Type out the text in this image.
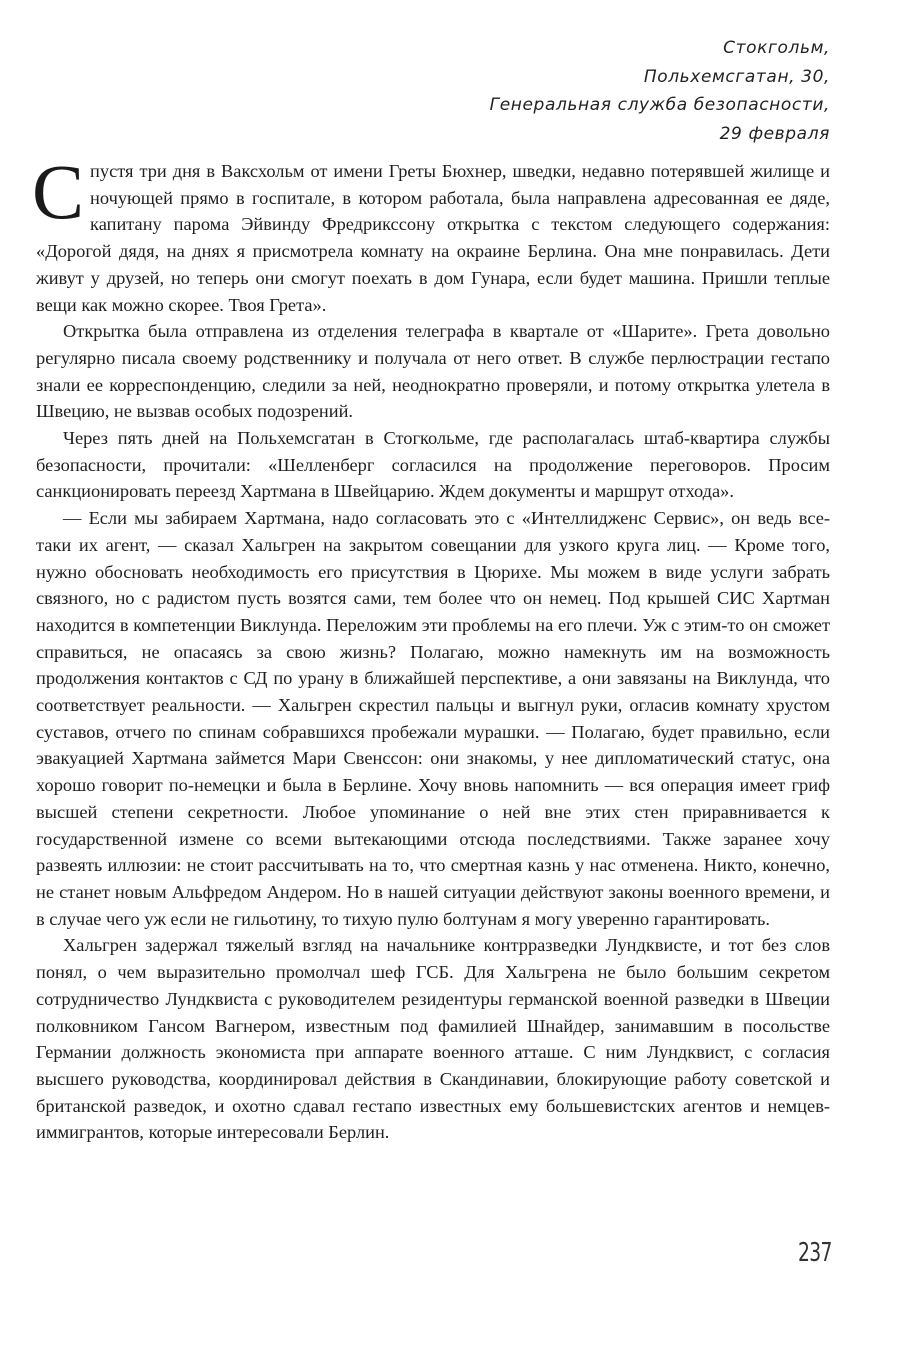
Стокгольм,
Польхемсгатан, 30,
Генеральная служба безопасности,
29 февраля

Спустя три дня в Ваксхольм от имени Греты Бюхнер, шведки, недавно потерявшей жилище и ночующей прямо в госпитале, в котором работала, была направлена адресованная ее дяде, капитану парома Эйвинду Фредрикссону открытка с текстом следующего содержания: «Дорогой дядя, на днях я присмотрела комнату на окраине Берлина. Она мне понравилась. Дети живут у друзей, но теперь они смогут поехать в дом Гунара, если будет машина. Пришли теплые вещи как можно скорее. Твоя Грета».

Открытка была отправлена из отделения телеграфа в квартале от «Шарите». Грета довольно регулярно писала своему родственнику и получала от него ответ. В службе перлюстрации гестапо знали ее корреспонденцию, следили за ней, неоднократно проверяли, и потому открытка улетела в Швецию, не вызвав особых подозрений.

Через пять дней на Польхемсгатан в Стогкольме, где располагалась штаб-квартира службы безопасности, прочитали: «Шелленберг согласился на продолжение переговоров. Просим санкционировать переезд Хартмана в Швейцарию. Ждем документы и маршрут отхода».

— Если мы забираем Хартмана, надо согласовать это с «Интеллидженс Сервис», он ведь все-таки их агент, — сказал Хальгрен на закрытом совещании для узкого круга лиц. — Кроме того, нужно обосновать необходимость его присутствия в Цюрихе. Мы можем в виде услуги забрать связного, но с радистом пусть возятся сами, тем более что он немец. Под крышей СИС Хартман находится в компетенции Виклунда. Переложим эти проблемы на его плечи. Уж с этим-то он сможет справиться, не опасаясь за свою жизнь? Полагаю, можно намекнуть им на возможность продолжения контактов с СД по урану в ближайшей перспективе, а они завязаны на Виклунда, что соответствует реальности. — Хальгрен скрестил пальцы и выгнул руки, огласив комнату хрустом суставов, отчего по спинам собравшихся пробежали мурашки. — Полагаю, будет правильно, если эвакуацией Хартмана займется Мари Свенссон: они знакомы, у нее дипломатический статус, она хорошо говорит по-немецки и была в Берлине. Хочу вновь напомнить — вся операция имеет гриф высшей степени секретности. Любое упоминание о ней вне этих стен приравнивается к государственной измене со всеми вытекающими отсюда последствиями. Также заранее хочу развеять иллюзии: не стоит рассчитывать на то, что смертная казнь у нас отменена. Никто, конечно, не станет новым Альфредом Андером. Но в нашей ситуации действуют законы военного времени, и в случае чего уж если не гильотину, то тихую пулю болтунам я могу уверенно гарантировать.

Хальгрен задержал тяжелый взгляд на начальнике контрразведки Лундквисте, и тот без слов понял, о чем выразительно промолчал шеф ГСБ. Для Хальгрена не было большим секретом сотрудничество Лундквиста с руководителем резидентуры германской военной разведки в Швеции полковником Гансом Вагнером, известным под фамилией Шнайдер, занимавшим в посольстве Германии должность экономиста при аппарате военного атташе. С ним Лундквист, с согласия высшего руководства, координировал действия в Скандинавии, блокирующие работу советской и британской разведок, и охотно сдавал гестапо известных ему большевистских агентов и немцев-иммигрантов, которые интересовали Берлин.

237
